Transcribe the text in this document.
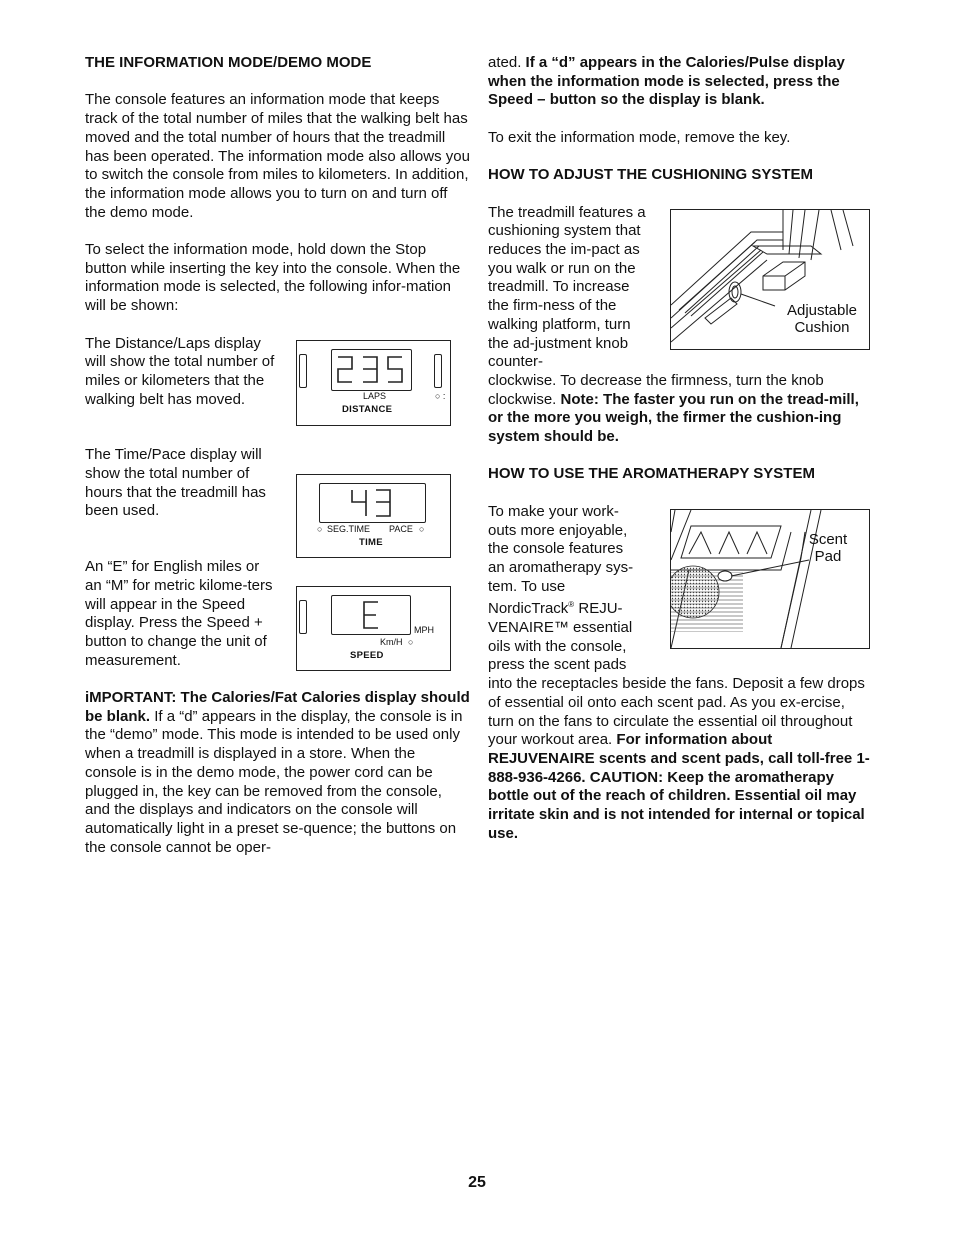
THE INFORMATION MODE/DEMO MODE

The console features an information mode that keeps track of the total number of miles that the walking belt has moved and the total number of hours that the treadmill has been operated. The information mode also allows you to switch the console from miles to kilometers. In addition, the information mode allows you to turn on and turn off the demo mode.

To select the information mode, hold down the Stop button while inserting the key into the console. When the information mode is selected, the following infor-mation will be shown:

The Distance/Laps display will show the total number of miles or kilometers that the walking belt has moved.

The Time/Pace display will show the total number of hours that the treadmill has been used.

An “E” for English miles or an “M” for metric kilome-ters will appear in the Speed display. Press the Speed + button to change the unit of measurement.

iMPORTANT: The Calories/Fat Calories display should be blank. If a “d” appears in the display, the console is in the “demo” mode. This mode is intended to be used only when a treadmill is displayed in a store. When the console is in the demo mode, the power cord can be plugged in, the key can be removed from the console, and the displays and indicators on the console will automatically light in a preset se-quence; the buttons on the console cannot be oper-

LAPS	○ :
DISTANCE
○ SEG.TIME PACE ○
TIME
MPH
Km/H ○
SPEED

ated. If a “d” appears in the Calories/Pulse display when the information mode is selected, press the Speed – button so the display is blank.

To exit the information mode, remove the key.

HOW TO ADJUST THE CUSHIONING SYSTEM

The treadmill features a cushioning system that reduces the im-pact as you walk or run on the treadmill. To increase the firm-ness of the walking platform, turn the ad-justment knob counter-

clockwise. To decrease the firmness, turn the knob clockwise. Note: The faster you run on the tread-mill, or the more you weigh, the firmer the cushion-ing system should be.

HOW TO USE THE AROMATHERAPY SYSTEM

To make your work-outs more enjoyable, the console features an aromatherapy sys-tem. To use NordicTrack® REJU-VENAIRE™ essential oils with the console, press the scent pads

into the receptacles beside the fans. Deposit a few drops of essential oil onto each scent pad. As you ex-ercise, turn on the fans to circulate the essential oil throughout your workout area. For information about REJUVENAIRE scents and scent pads, call toll-free 1-888-936-4266. CAUTION: Keep the aromatherapy bottle out of the reach of children. Essential oil may irritate skin and is not intended for internal or topical use.

Adjustable
Cushion
Scent
Pad
25
